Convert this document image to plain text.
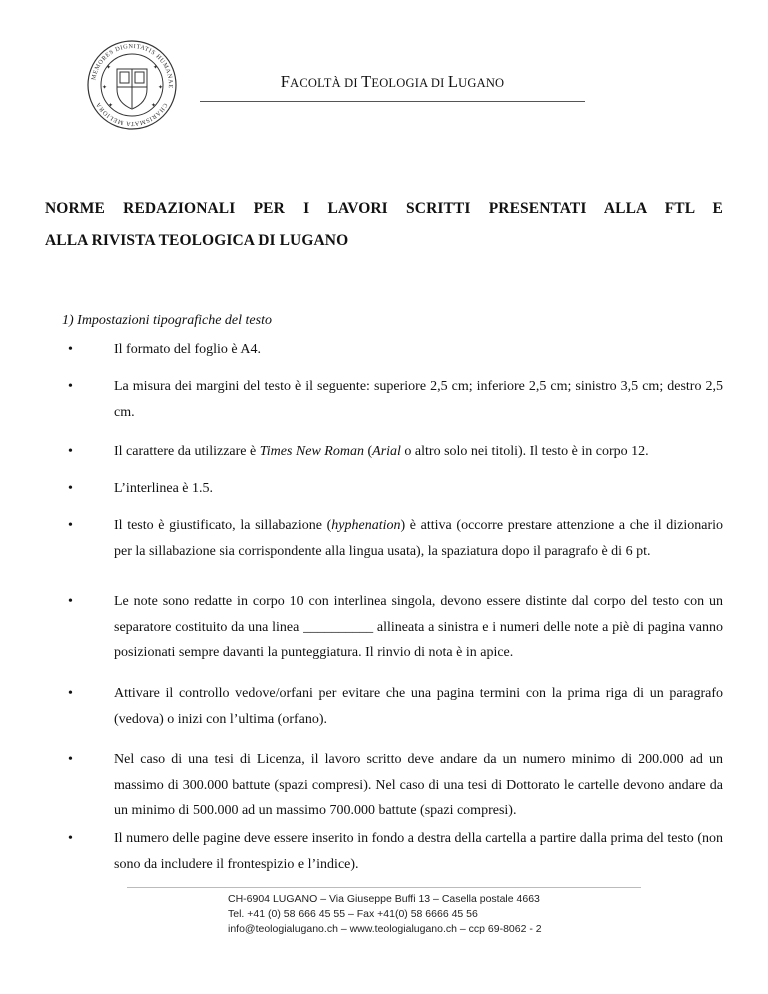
MEMORES DIGNITATIS HUMANAE
CHARISMATA MELIORA
✦	✦
✦	✦
✦	✦
FACOLTÀ DI TEOLOGIA DI LUGANO
NORME REDAZIONALI PER I LAVORI SCRITTI PRESENTATI ALLA FTL E
ALLA RIVISTA TEOLOGICA DI LUGANO
1) Impostazioni tipografiche del testo
•	Il formato del foglio è A4.
•	La misura dei margini del testo è il seguente: superiore 2,5 cm; inferiore 2,5 cm; sinistro 3,5 cm; destro 2,5 cm.
•	Il carattere da utilizzare è Times New Roman (Arial o altro solo nei titoli). Il testo è in corpo 12.
•	L’interlinea è 1.5.
•	Il testo è giustificato, la sillabazione (hyphenation) è attiva (occorre prestare attenzione a che il dizionario per la sillabazione sia corrispondente alla lingua usata), la spaziatura dopo il paragrafo è di 6 pt.
•	Le note sono redatte in corpo 10 con interlinea singola, devono essere distinte dal corpo del testo con un separatore costituito da una linea __________ allineata a sinistra e i numeri delle note a piè di pagina vanno posizionati sempre davanti la punteggiatura. Il rinvio di nota è in apice.
•	Attivare il controllo vedove/orfani per evitare che una pagina termini con la prima riga di un paragrafo (vedova) o inizi con l’ultima (orfano).
•	Nel caso di una tesi di Licenza, il lavoro scritto deve andare da un numero minimo di 200.000 ad un massimo di 300.000 battute (spazi compresi). Nel caso di una tesi di Dottorato le cartelle devono andare da un minimo di 500.000 ad un massimo 700.000 battute (spazi compresi).
•	Il numero delle pagine deve essere inserito in fondo a destra della cartella a partire dalla prima del testo (non sono da includere il frontespizio e l’indice).
CH-6904 LUGANO – Via Giuseppe Buffi 13 – Casella postale 4663
Tel. +41 (0) 58 666 45 55 – Fax +41(0) 58 6666 45 56
info@teologialugano.ch – www.teologialugano.ch – ccp 69-8062 - 2
